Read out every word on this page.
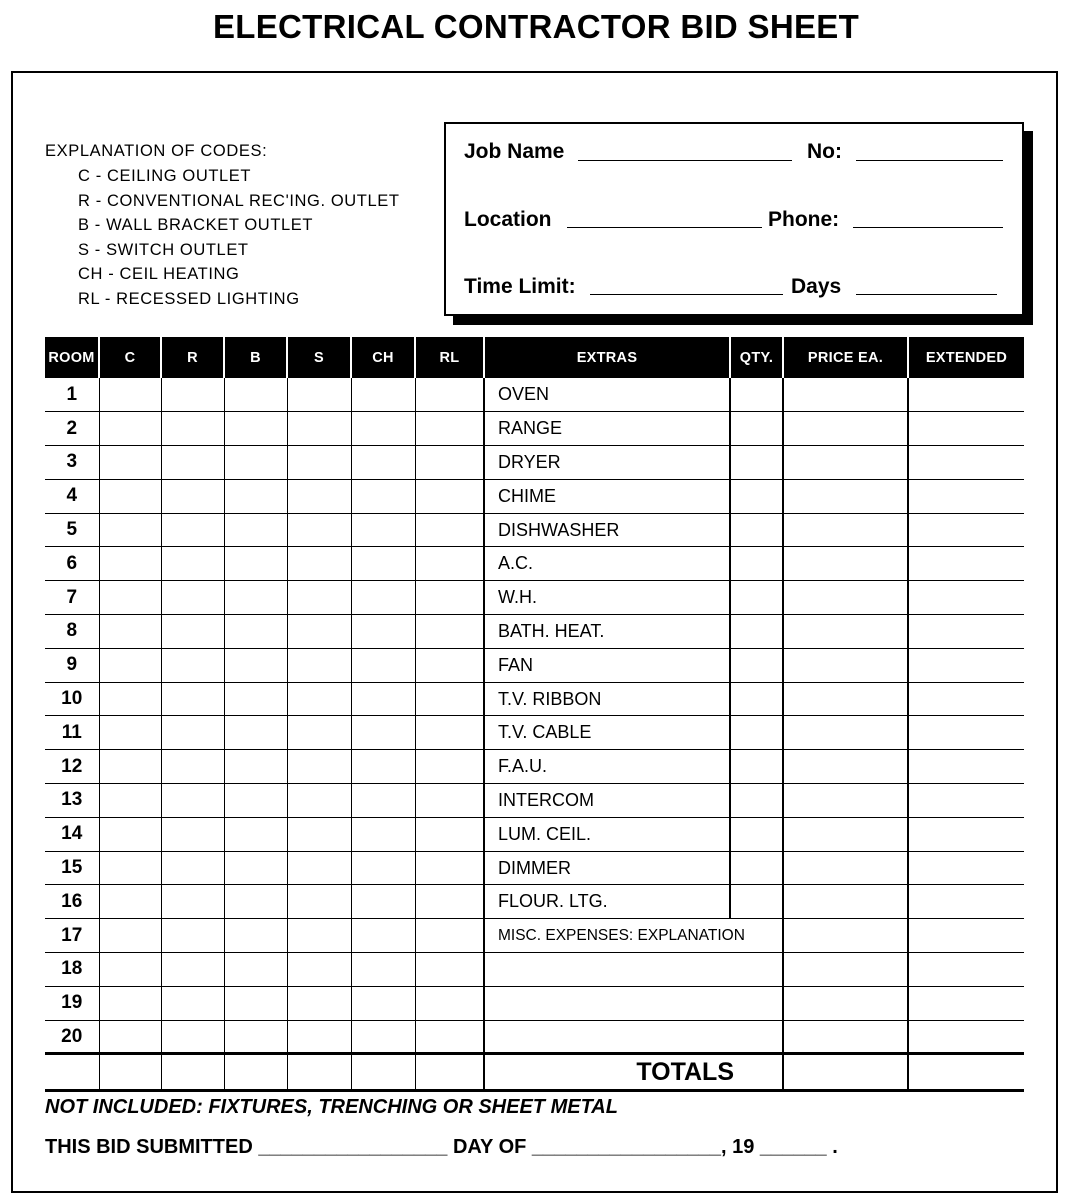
ELECTRICAL CONTRACTOR BID SHEET
EXPLANATION OF CODES:
C - CEILING OUTLET
R - CONVENTIONAL REC'ING. OUTLET
B - WALL BRACKET OUTLET
S - SWITCH OUTLET
CH - CEIL HEATING
RL - RECESSED LIGHTING
Job Name	No:
Location	Phone:
Time Limit:	Days
ROOM	C	R	B	S	CH	RL	EXTRAS	QTY.	PRICE EA.	EXTENDED
1							OVEN			
2							RANGE			
3							DRYER			
4							CHIME			
5							DISHWASHER			
6							A.C.			
7							W.H.			
8							BATH. HEAT.			
9							FAN			
10							T.V. RIBBON			
11							T.V. CABLE			
12							F.A.U.			
13							INTERCOM			
14							LUM. CEIL.			
15							DIMMER			
16							FLOUR. LTG.			
17							MISC. EXPENSES: EXPLANATION			
18										
19										
20										
							TOTALS			
NOT INCLUDED: FIXTURES, TRENCHING OR SHEET METAL
THIS BID SUBMITTED _________________ DAY OF _________________, 19 ______ .
